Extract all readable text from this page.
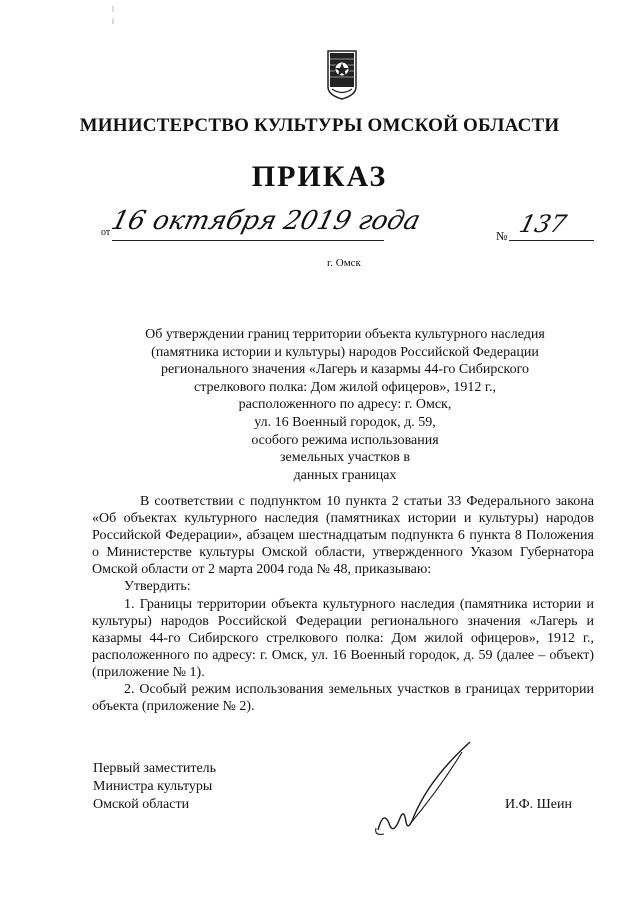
МИНИСТЕРСТВО КУЛЬТУРЫ ОМСКОЙ ОБЛАСТИ
ПРИКАЗ
от
16 октября 2019 года	№ 137
г. Омск
Об утверждении границ территории объекта культурного наследия
(памятника истории и культуры) народов Российской Федерации
регионального значения «Лагерь и казармы 44-го Сибирского
стрелкового полка: Дом жилой офицеров», 1912 г.,
расположенного по адресу: г. Омск,
ул. 16 Военный городок, д. 59,
особого режима использования
земельных участков в
данных границах

В соответствии с подпунктом 10 пункта 2 статьи 33 Федерального закона «Об объектах культурного наследия (памятниках истории и культуры) народов Российской Федерации», абзацем шестнадцатым подпункта 6 пункта 8 Положения о Министерстве культуры Омской области, утвержденного Указом Губернатора Омской области от 2 марта 2004 года № 48, приказываю:

Утвердить:

1. Границы территории объекта культурного наследия (памятника истории и культуры) народов Российской Федерации регионального значения «Лагерь и казармы 44-го Сибирского стрелкового полка: Дом жилой офицеров», 1912 г., расположенного по адресу: г. Омск, ул. 16 Военный городок, д. 59 (далее – объект) (приложение № 1).

2. Особый режим использования земельных участков в границах территории объекта (приложение № 2).

Первый заместитель
Министра культуры
Омской области	И.Ф. Шеин
